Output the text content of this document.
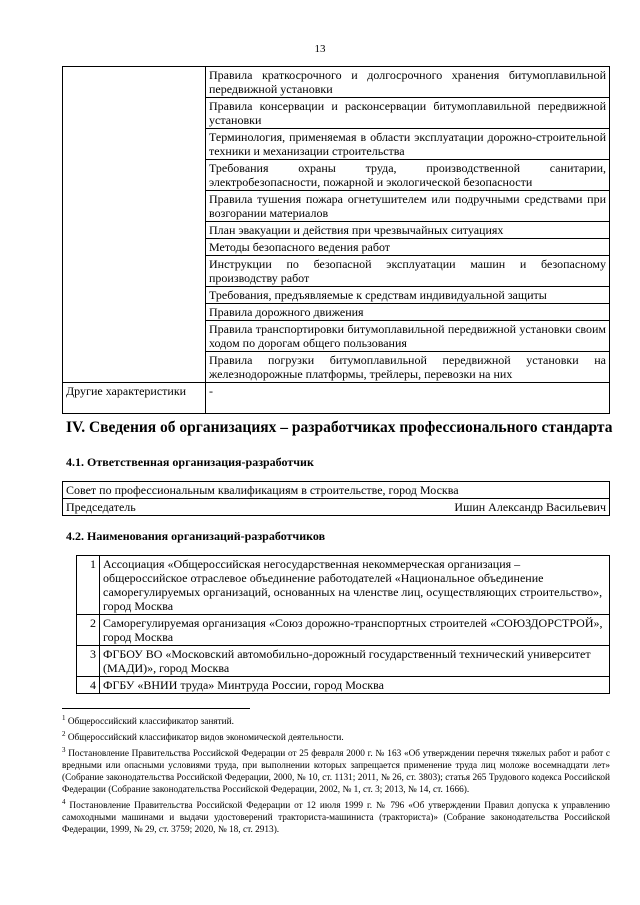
13
	Правила краткосрочного и долгосрочного хранения битумоплавильной передвижной установки
	Правила консервации и расконсервации битумоплавильной передвижной установки
	Терминология, применяемая в области эксплуатации дорожно-строительной техники и механизации строительства
	Требования охраны труда, производственной санитарии, электробезопасности, пожарной и экологической безопасности
	Правила тушения пожара огнетушителем или подручными средствами при возгорании материалов
	План эвакуации и действия при чрезвычайных ситуациях
	Методы безопасного ведения работ
	Инструкции по безопасной эксплуатации машин и безопасному производству работ
	Требования, предъявляемые к средствам индивидуальной защиты
	Правила дорожного движения
	Правила транспортировки битумоплавильной передвижной установки своим ходом по дорогам общего пользования
	Правила погрузки битумоплавильной передвижной установки на железнодорожные платформы, трейлеры, перевозки на них
Другие характеристики	-
IV. Сведения об организациях – разработчиках профессионального стандарта
4.1. Ответственная организация-разработчик
Совет по профессиональным квалификациям в строительстве, город Москва

Председатель	Ишин Александр Васильевич
4.2. Наименования организаций-разработчиков
1	Ассоциация «Общероссийская негосударственная некоммерческая организация – общероссийское отраслевое объединение работодателей «Национальное объединение саморегулируемых организаций, основанных на членстве лиц, осуществляющих строительство», город Москва
2	Саморегулируемая организация «Союз дорожно-транспортных строителей «СОЮЗДОРСТРОЙ», город Москва
3	ФГБОУ ВО «Московский автомобильно-дорожный государственный технический университет (МАДИ)», город Москва
4	ФГБУ «ВНИИ труда» Минтруда России, город Москва

$^1$ Общероссийский классификатор занятий.

$^2$ Общероссийский классификатор видов экономической деятельности.

$^3$ Постановление Правительства Российской Федерации от 25 февраля 2000 г. № 163 «Об утверждении перечня тяжелых работ и работ с вредными или опасными условиями труда, при выполнении которых запрещается применение труда лиц моложе восемнадцати лет» (Собрание законодательства Российской Федерации, 2000, № 10, ст. 1131; 2011, № 26, ст. 3803); статья 265 Трудового кодекса Российской Федерации (Собрание законодательства Российской Федерации, 2002, № 1, ст. 3; 2013, № 14, ст. 1666).

$^4$ Постановление Правительства Российской Федерации от 12 июля 1999 г. № 796 «Об утверждении Правил допуска к управлению самоходными машинами и выдачи удостоверений тракториста-машиниста (тракториста)» (Собрание законодательства Российской Федерации, 1999, № 29, ст. 3759; 2020, № 18, ст. 2913).
